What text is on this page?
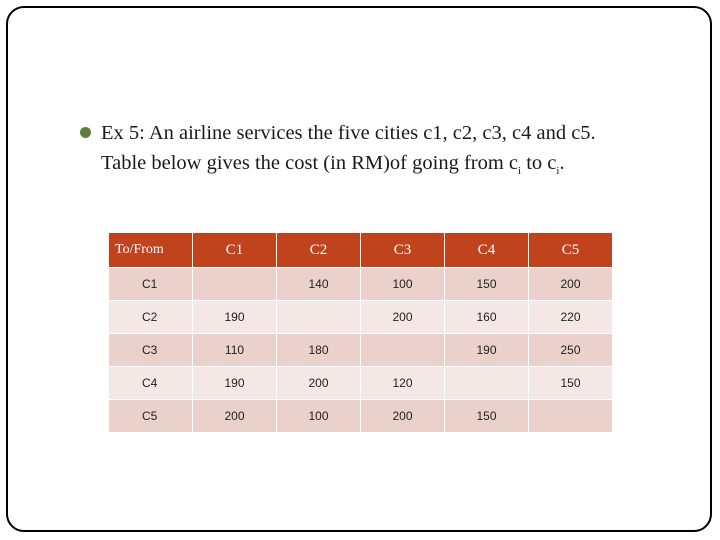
Ex 5: An airline services the five cities c1, c2, c3, c4 and c5.
Table below gives the cost (in RM)of going from $c_i$ to $c_i$.
To/From	C1	C2	C3	C4	C5
C1		140	100	150	200
C2	190		200	160	220
C3	110	180		190	250
C4	190	200	120		150
C5	200	100	200	150	
